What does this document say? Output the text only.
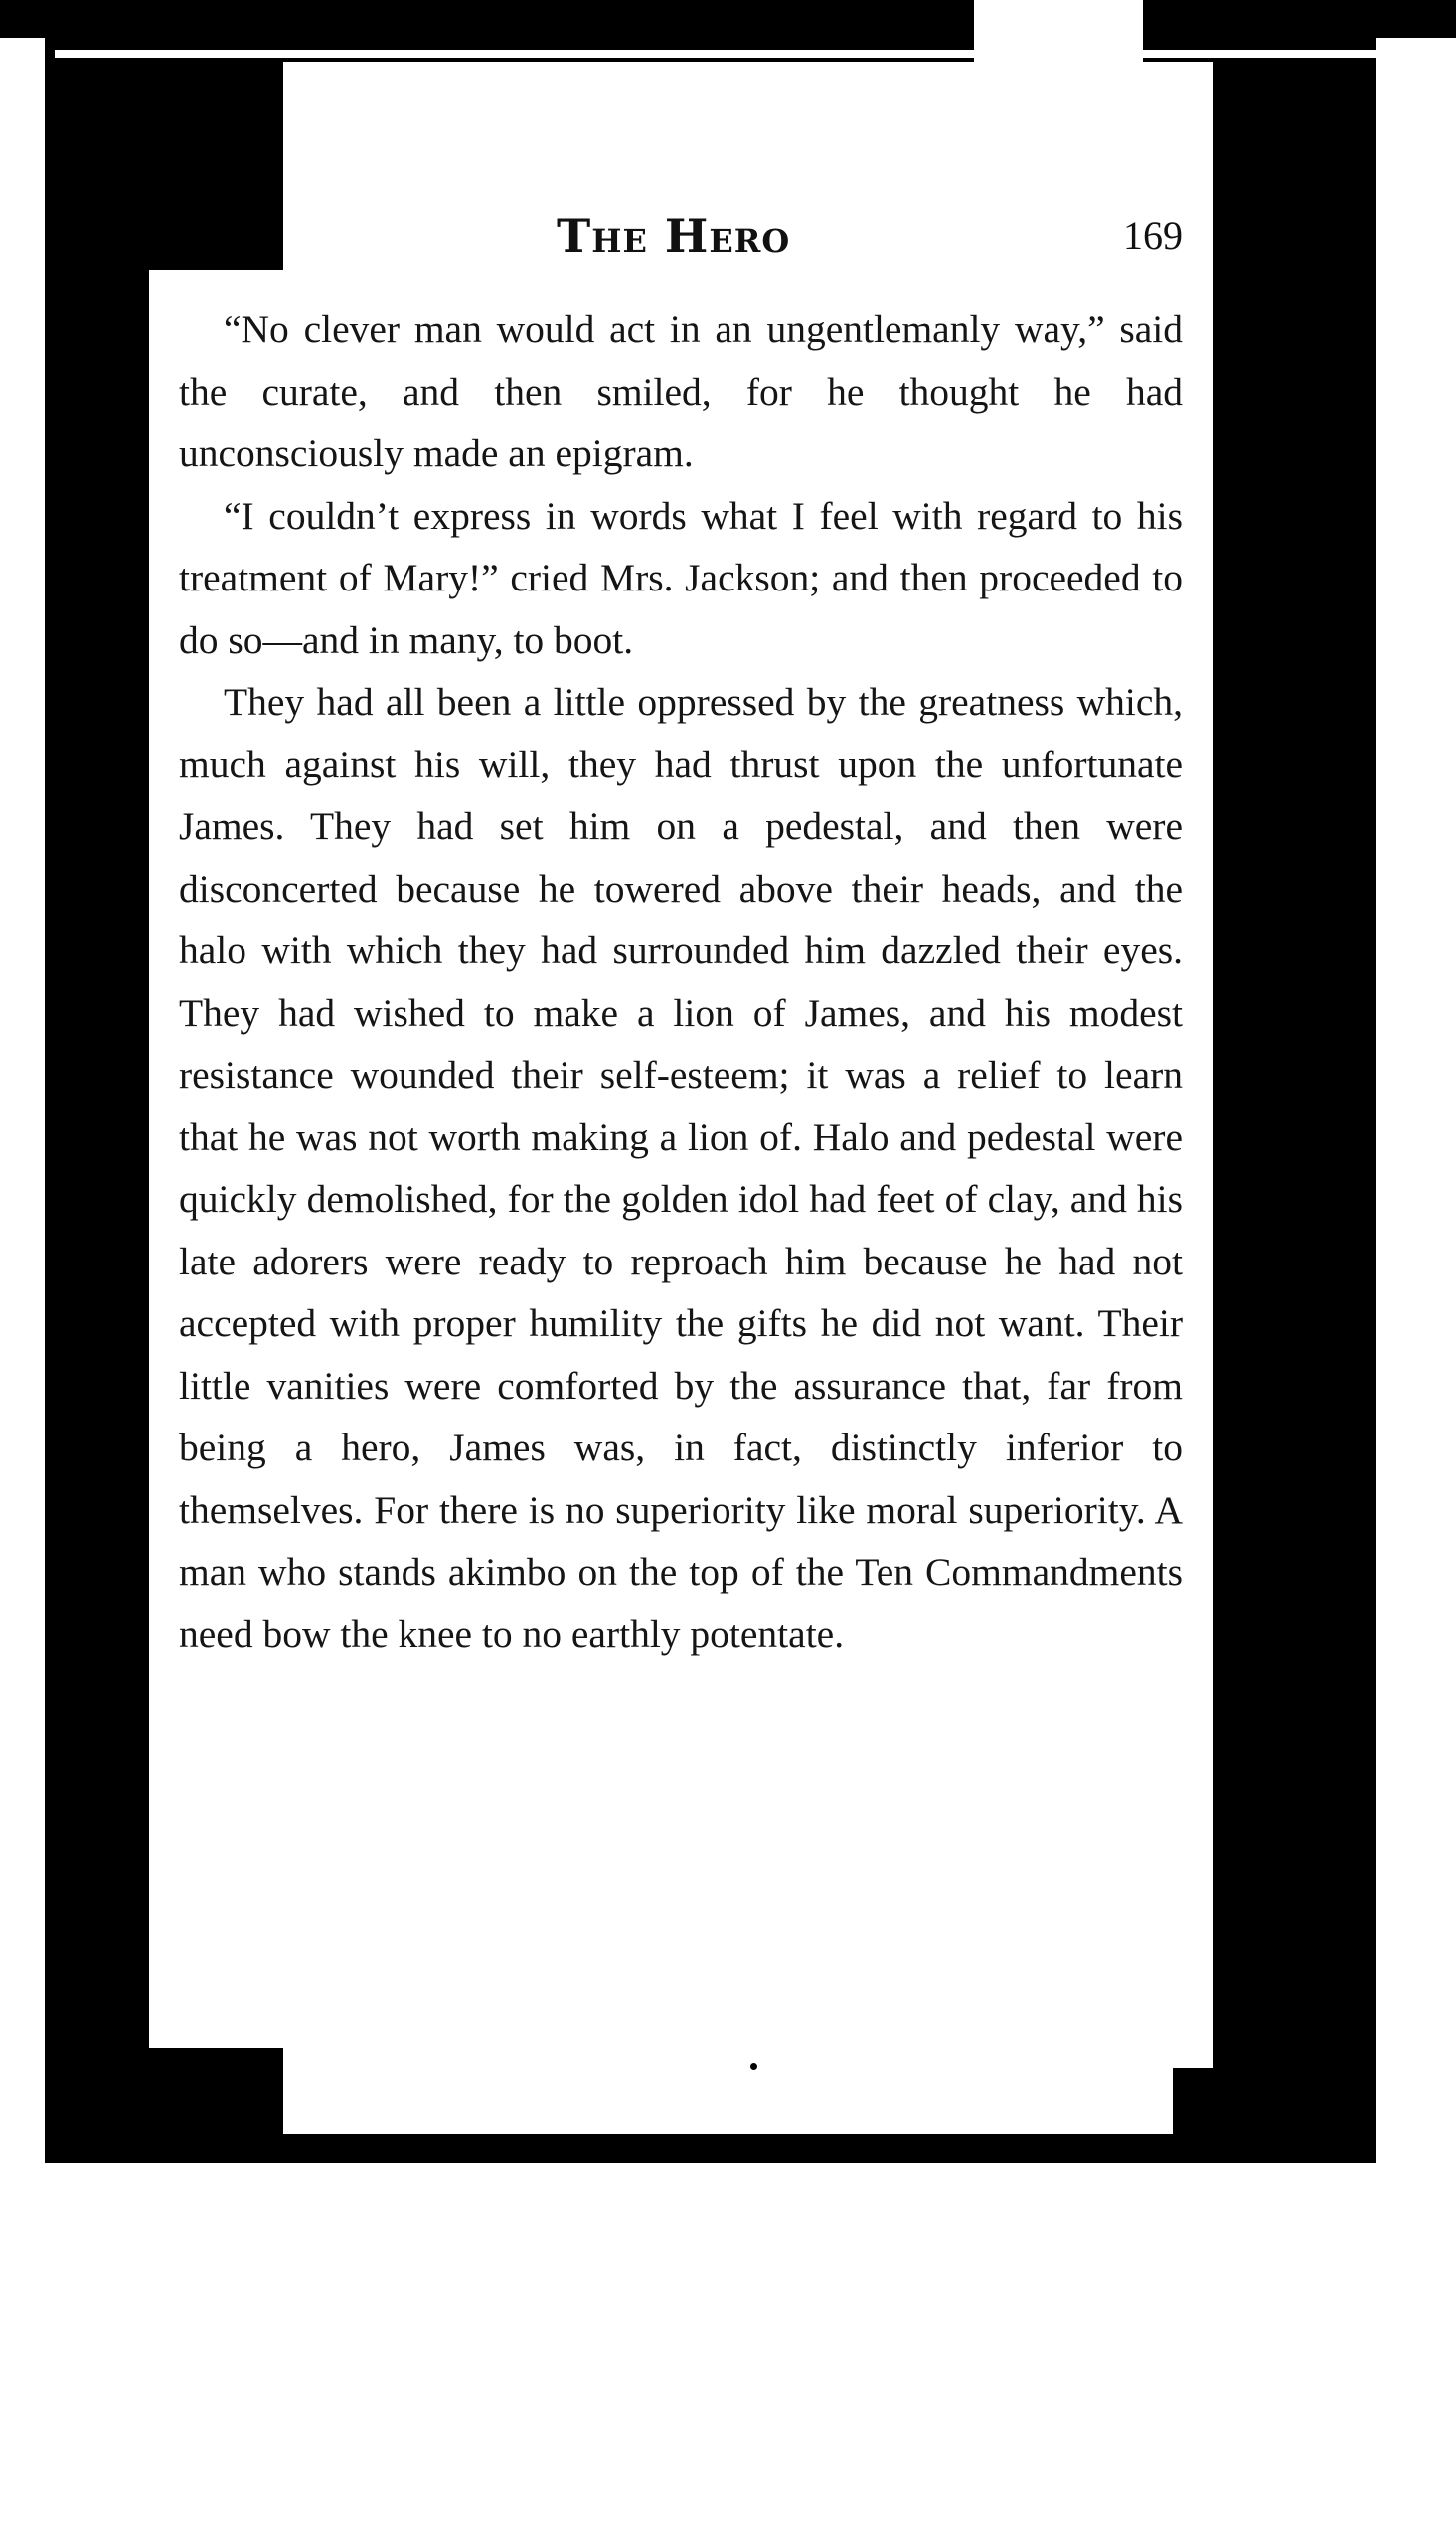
The Hero	169

“No clever man would act in an ungentlemanly way,” said the curate, and then smiled, for he thought he had unconsciously made an epigram.

“I couldn’t express in words what I feel with regard to his treatment of Mary!” cried Mrs. Jackson; and then proceeded to do so—and in many, to boot.

They had all been a little oppressed by the greatness which, much against his will, they had thrust upon the unfortunate James. They had set him on a pedestal, and then were disconcerted because he towered above their heads, and the halo with which they had surrounded him dazzled their eyes. They had wished to make a lion of James, and his modest resistance wounded their self-esteem; it was a relief to learn that he was not worth making a lion of. Halo and pedestal were quickly demolished, for the golden idol had feet of clay, and his late adorers were ready to reproach him because he had not accepted with proper humility the gifts he did not want. Their little vanities were comforted by the assurance that, far from being a hero, James was, in fact, distinctly inferior to themselves. For there is no superiority like moral superiority. A man who stands akimbo on the top of the Ten Commandments need bow the knee to no earthly potentate.
